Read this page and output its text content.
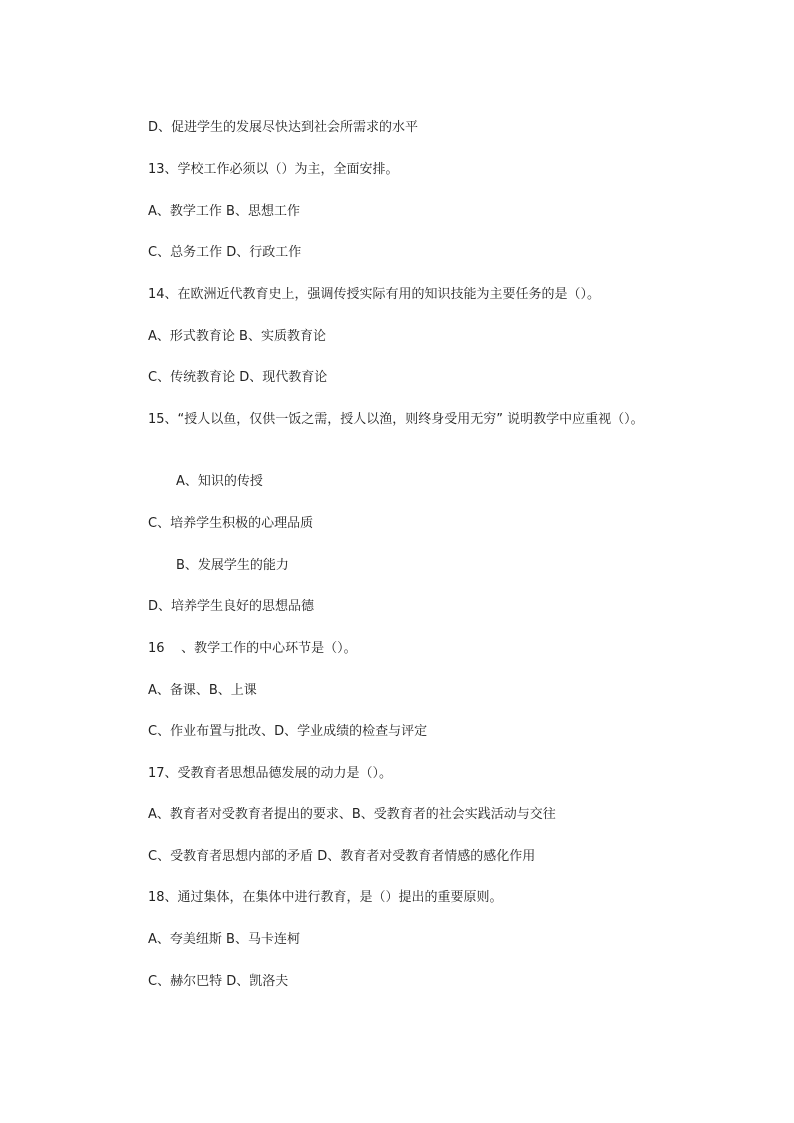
D、促进学生的发展尽快达到社会所需求的水平
13、学校工作必须以（）为主，全面安排。
A、教学工作 B、思想工作
C、总务工作 D、行政工作
14、在欧洲近代教育史上，强调传授实际有用的知识技能为主要任务的是（）。
A、形式教育论 B、实质教育论
C、传统教育论 D、现代教育论
15、“授人以鱼，仅供一饭之需，授人以渔，则终身受用无穷” 说明教学中应重视（）。
A、知识的传授
C、培养学生积极的心理品质
B、发展学生的能力
D、培养学生良好的思想品德
16    、教学工作的中心环节是（）。
A、备课、B、上课
C、作业布置与批改、D、学业成绩的检查与评定
17、受教育者思想品德发展的动力是（）。
A、教育者对受教育者提出的要求、B、受教育者的社会实践活动与交往
C、受教育者思想内部的矛盾 D、教育者对受教育者情感的感化作用
18、通过集体，在集体中进行教育，是（）提出的重要原则。
A、夸美纽斯 B、马卡连柯
C、赫尔巴特 D、凯洛夫
